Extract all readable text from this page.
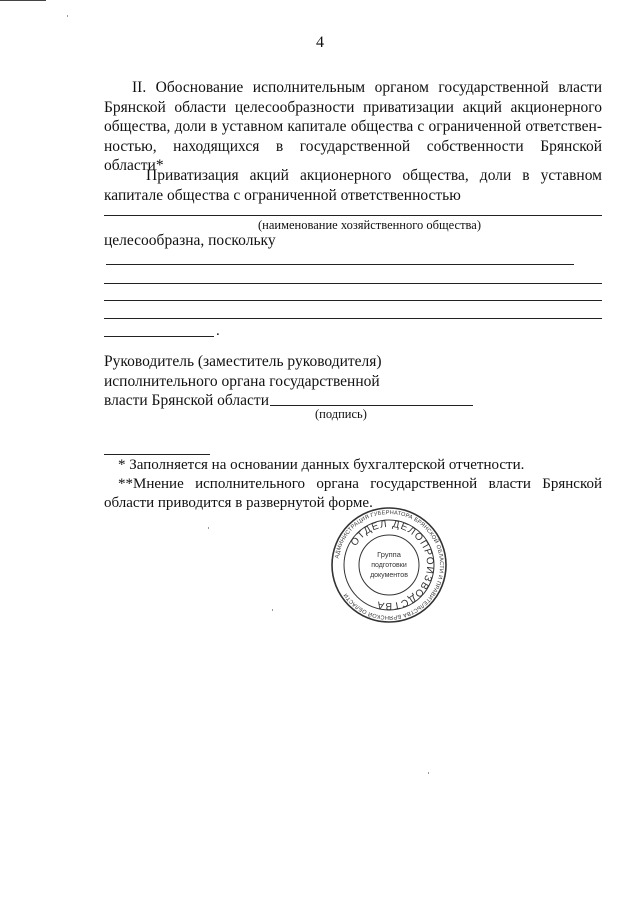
4

II. Обоснование исполнительным органом государственной власти Брянской области целесообразности приватизации акций акционерного общества, доли в уставном капитале общества с ограниченной ответствен-ностью, находящихся в государственной собственности Брянской области*

Приватизация акций акционерного общества, доли в уставном капитале общества с ограниченной ответственностью

(наименование хозяйственного общества)
целесообразна, поскольку
.
Руководитель (заместитель руководителя)
исполнительного органа государственной
власти Брянской области
(подпись)

* Заполняется на основании данных бухгалтерской отчетности.

**Мнение исполнительного органа государственной власти Брянской области приводится в развернутой форме.

АДМИНИСТРАЦИЯ ГУБЕРНАТОРА БРЯНСКОЙ ОБЛАСТИ И ПРАВИТЕЛЬСТВА БРЯНСКОЙ ОБЛАСТИ
ОТДЕЛ ДЕЛОПРОИЗВОДСТВА
Группа
подготовки
документов
